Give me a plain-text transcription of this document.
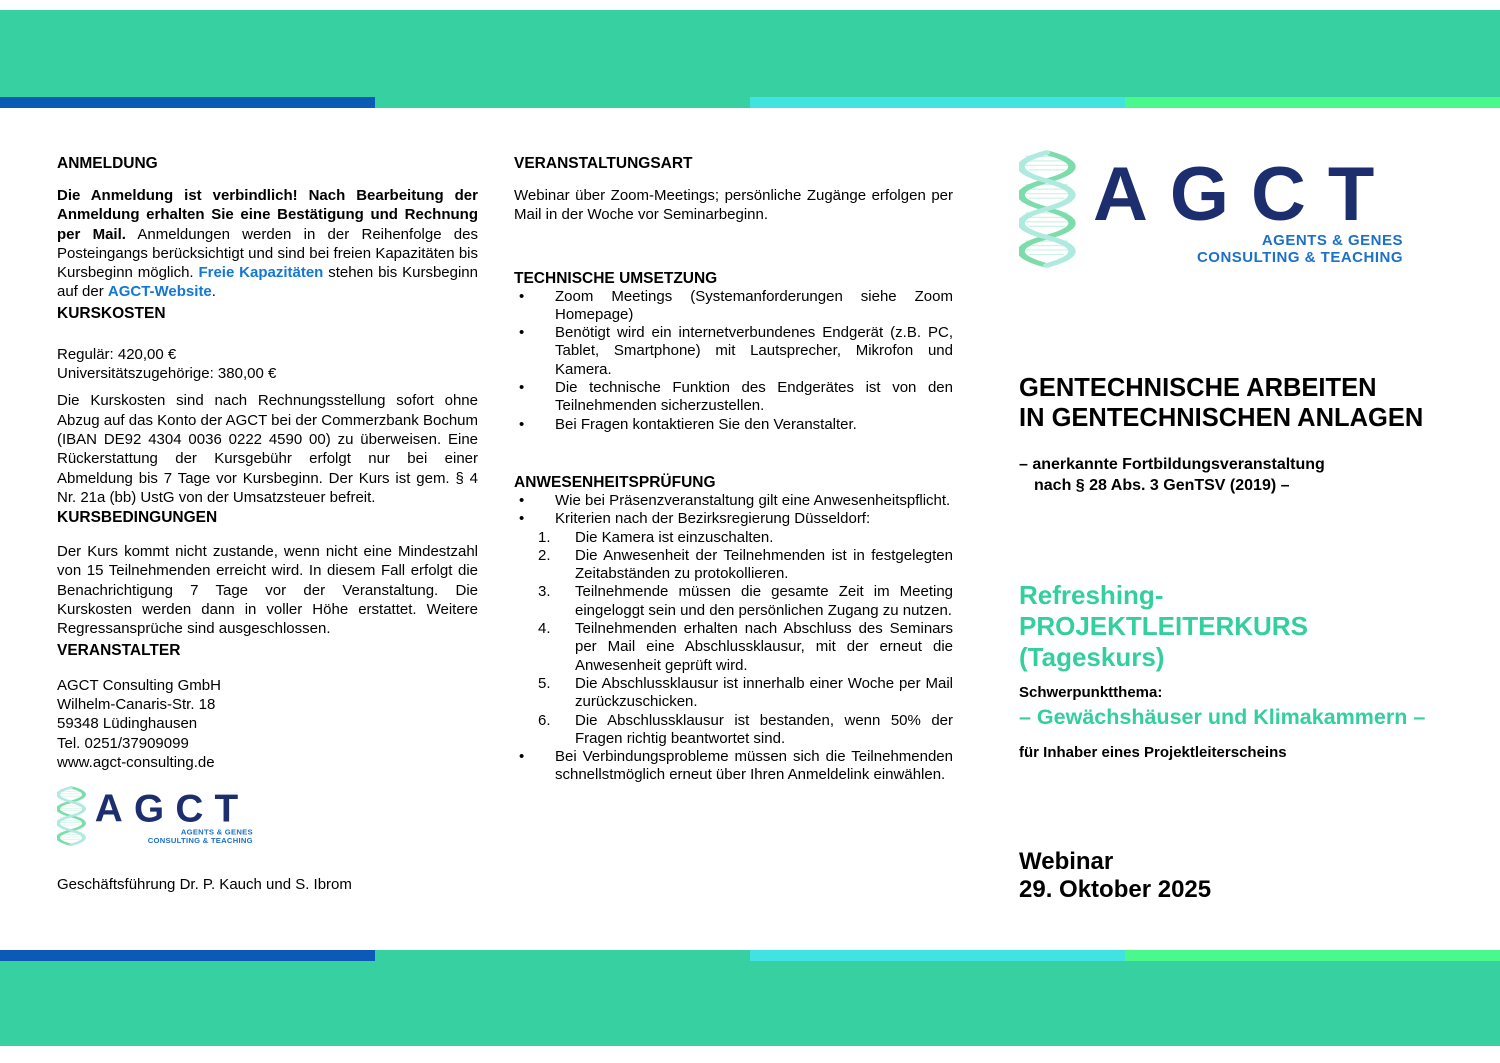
ANMELDUNG

Die Anmeldung ist verbindlich! Nach Bearbeitung der Anmeldung erhalten Sie eine Bestätigung und Rechnung per Mail. Anmeldungen werden in der Reihenfolge des Posteingangs berücksichtigt und sind bei freien Kapazitäten bis Kursbeginn möglich. Freie Kapazitäten stehen bis Kursbeginn auf der AGCT-Website.

KURSKOSTEN

Regulär: 420,00 €
Universitätszugehörige: 380,00 €

Die Kurskosten sind nach Rechnungsstellung sofort ohne Abzug auf das Konto der AGCT bei der Commerzbank Bochum (IBAN DE92 4304 0036 0222 4590 00) zu überweisen. Eine Rückerstattung der Kursgebühr erfolgt nur bei einer Abmeldung bis 7 Tage vor Kursbeginn. Der Kurs ist gem. § 4 Nr. 21a (bb) UstG von der Umsatzsteuer befreit.

KURSBEDINGUNGEN

Der Kurs kommt nicht zustande, wenn nicht eine Mindestzahl von 15 Teilnehmenden erreicht wird. In diesem Fall erfolgt die Benachrichtigung 7 Tage vor der Veranstaltung. Die Kurskosten werden dann in voller Höhe erstattet. Weitere Regressansprüche sind ausgeschlossen.

VERANSTALTER
AGCT Consulting GmbH
Wilhelm-Canaris-Str. 18
59348 Lüdinghausen
Tel. 0251/37909099
www.agct-consulting.de
AGCT
AGENTS & GENES
CONSULTING & TEACHING
Geschäftsführung Dr. P. Kauch und S. Ibrom
VERANSTALTUNGSART

Webinar über Zoom-Meetings; persönliche Zugänge erfolgen per Mail in der Woche vor Seminarbeginn.

TECHNISCHE UMSETZUNG
• Zoom Meetings (Systemanforderungen siehe Zoom Homepage)
• Benötigt wird ein internetverbundenes Endgerät (z.B. PC, Tablet, Smartphone) mit Lautsprecher, Mikrofon und Kamera.
• Die technische Funktion des Endgerätes ist von den Teilnehmenden sicherzustellen.
• Bei Fragen kontaktieren Sie den Veranstalter.
ANWESENHEITSPRÜFUNG
• Wie bei Präsenzveranstaltung gilt eine Anwesenheitspflicht.
• Kriterien nach der Bezirksregierung Düsseldorf:
Die Kamera ist einzuschalten.
Die Anwesenheit der Teilnehmenden ist in festgelegten Zeitabständen zu protokollieren.
Teilnehmende müssen die gesamte Zeit im Meeting eingeloggt sein und den persönlichen Zugang zu nutzen.
Teilnehmenden erhalten nach Abschluss des Seminars per Mail eine Abschlussklausur, mit der erneut die Anwesenheit geprüft wird.
Die Abschlussklausur ist innerhalb einer Woche per Mail zurückzuschicken.
Die Abschlussklausur ist bestanden, wenn 50% der Fragen richtig beantwortet sind.
• Bei Verbindungsprobleme müssen sich die Teilnehmenden schnellstmöglich erneut über Ihren Anmeldelink einwählen.
AGCT
AGENTS & GENES
CONSULTING & TEACHING
GENTECHNISCHE ARBEITEN
IN GENTECHNISCHEN ANLAGEN
– anerkannte Fortbildungsveranstaltung
nach § 28 Abs. 3 GenTSV (2019) –
Refreshing-
PROJEKTLEITERKURS
(Tageskurs)
Schwerpunktthema:
– Gewächshäuser und Klimakammern –
für Inhaber eines Projektleiterscheins
Webinar
29. Oktober 2025
